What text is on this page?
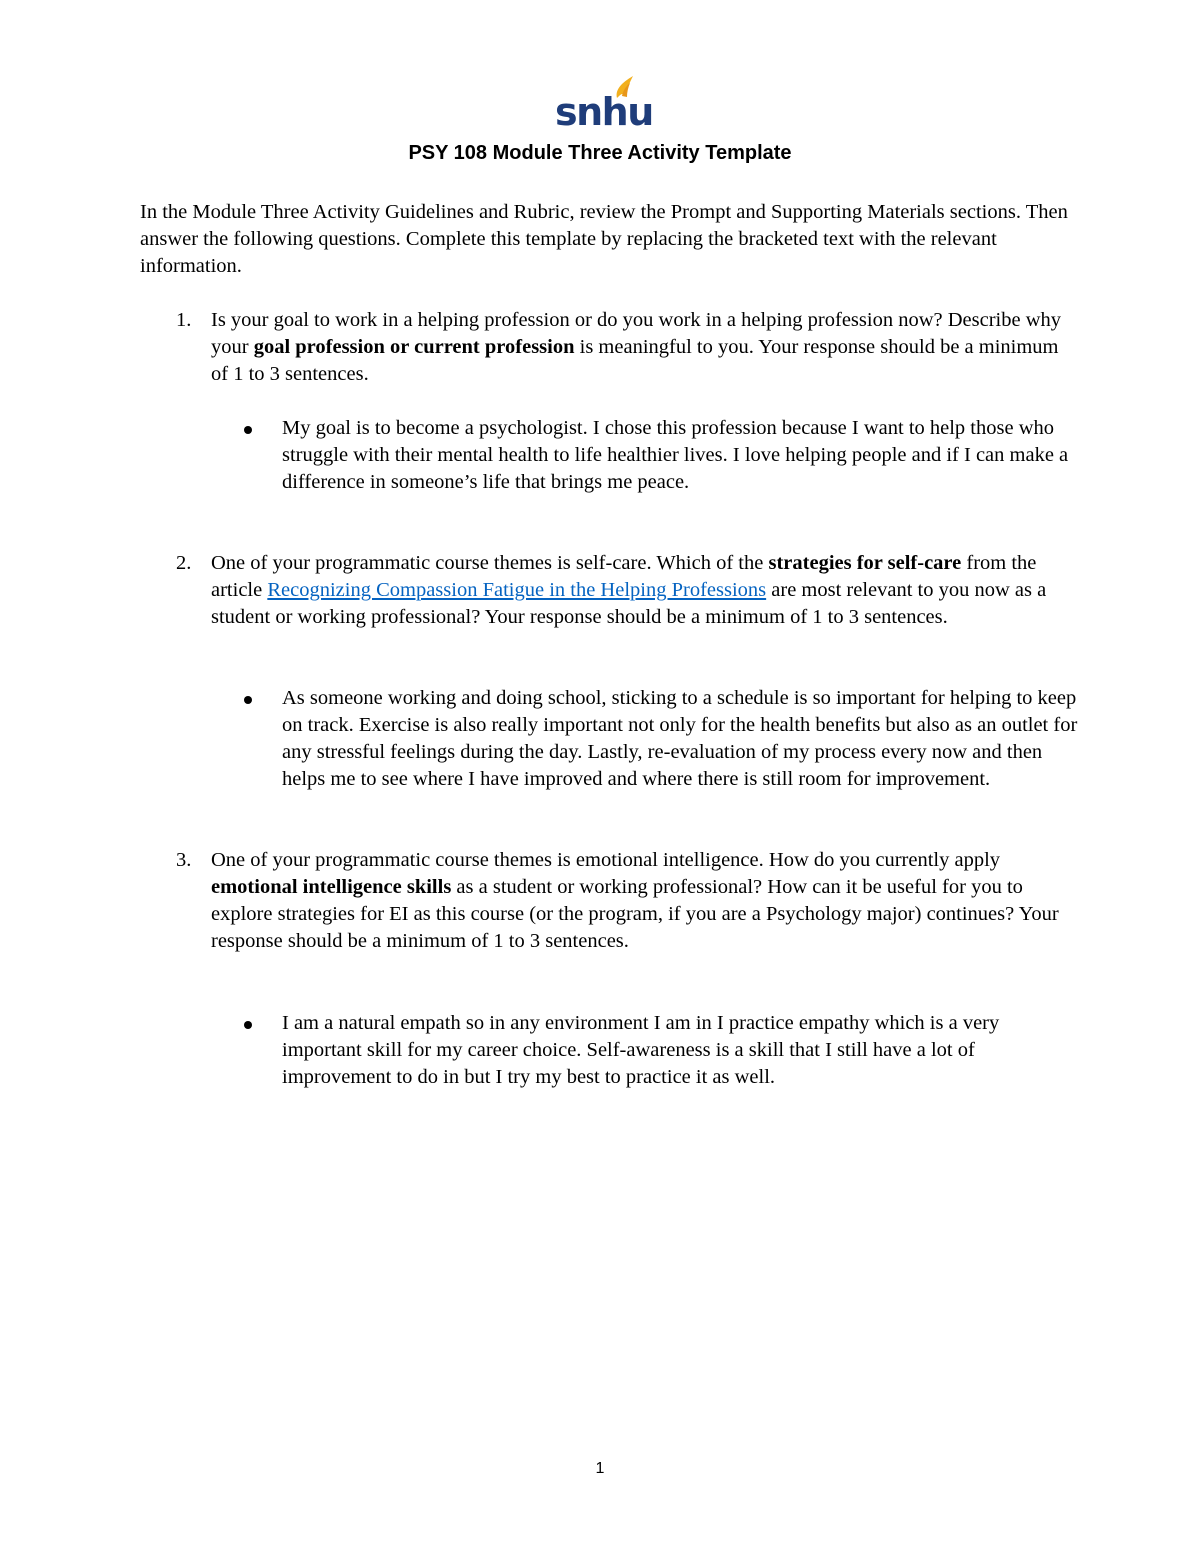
snhu
PSY 108 Module Three Activity Template

In the Module Three Activity Guidelines and Rubric, review the Prompt and Supporting Materials sections. Then answer the following questions. Complete this template by replacing the bracketed text with the relevant information.

1. Is your goal to work in a helping profession or do you work in a helping profession now? Describe why your goal profession or current profession is meaningful to you. Your response should be a minimum of 1 to 3 sentences.
My goal is to become a psychologist. I chose this profession because I want to help those who struggle with their mental health to life healthier lives. I love helping people and if I can make a difference in someone’s life that brings me peace.
2. One of your programmatic course themes is self-care. Which of the strategies for self-care from the article Recognizing Compassion Fatigue in the Helping Professions are most relevant to you now as a student or working professional? Your response should be a minimum of 1 to 3 sentences.
As someone working and doing school, sticking to a schedule is so important for helping to keep on track. Exercise is also really important not only for the health benefits but also as an outlet for any stressful feelings during the day. Lastly, re-evaluation of my process every now and then helps me to see where I have improved and where there is still room for improvement.
3. One of your programmatic course themes is emotional intelligence. How do you currently apply emotional intelligence skills as a student or working professional? How can it be useful for you to explore strategies for EI as this course (or the program, if you are a Psychology major) continues? Your response should be a minimum of 1 to 3 sentences.
I am a natural empath so in any environment I am in I practice empathy which is a very important skill for my career choice. Self-awareness is a skill that I still have a lot of improvement to do in but I try my best to practice it as well.
1
